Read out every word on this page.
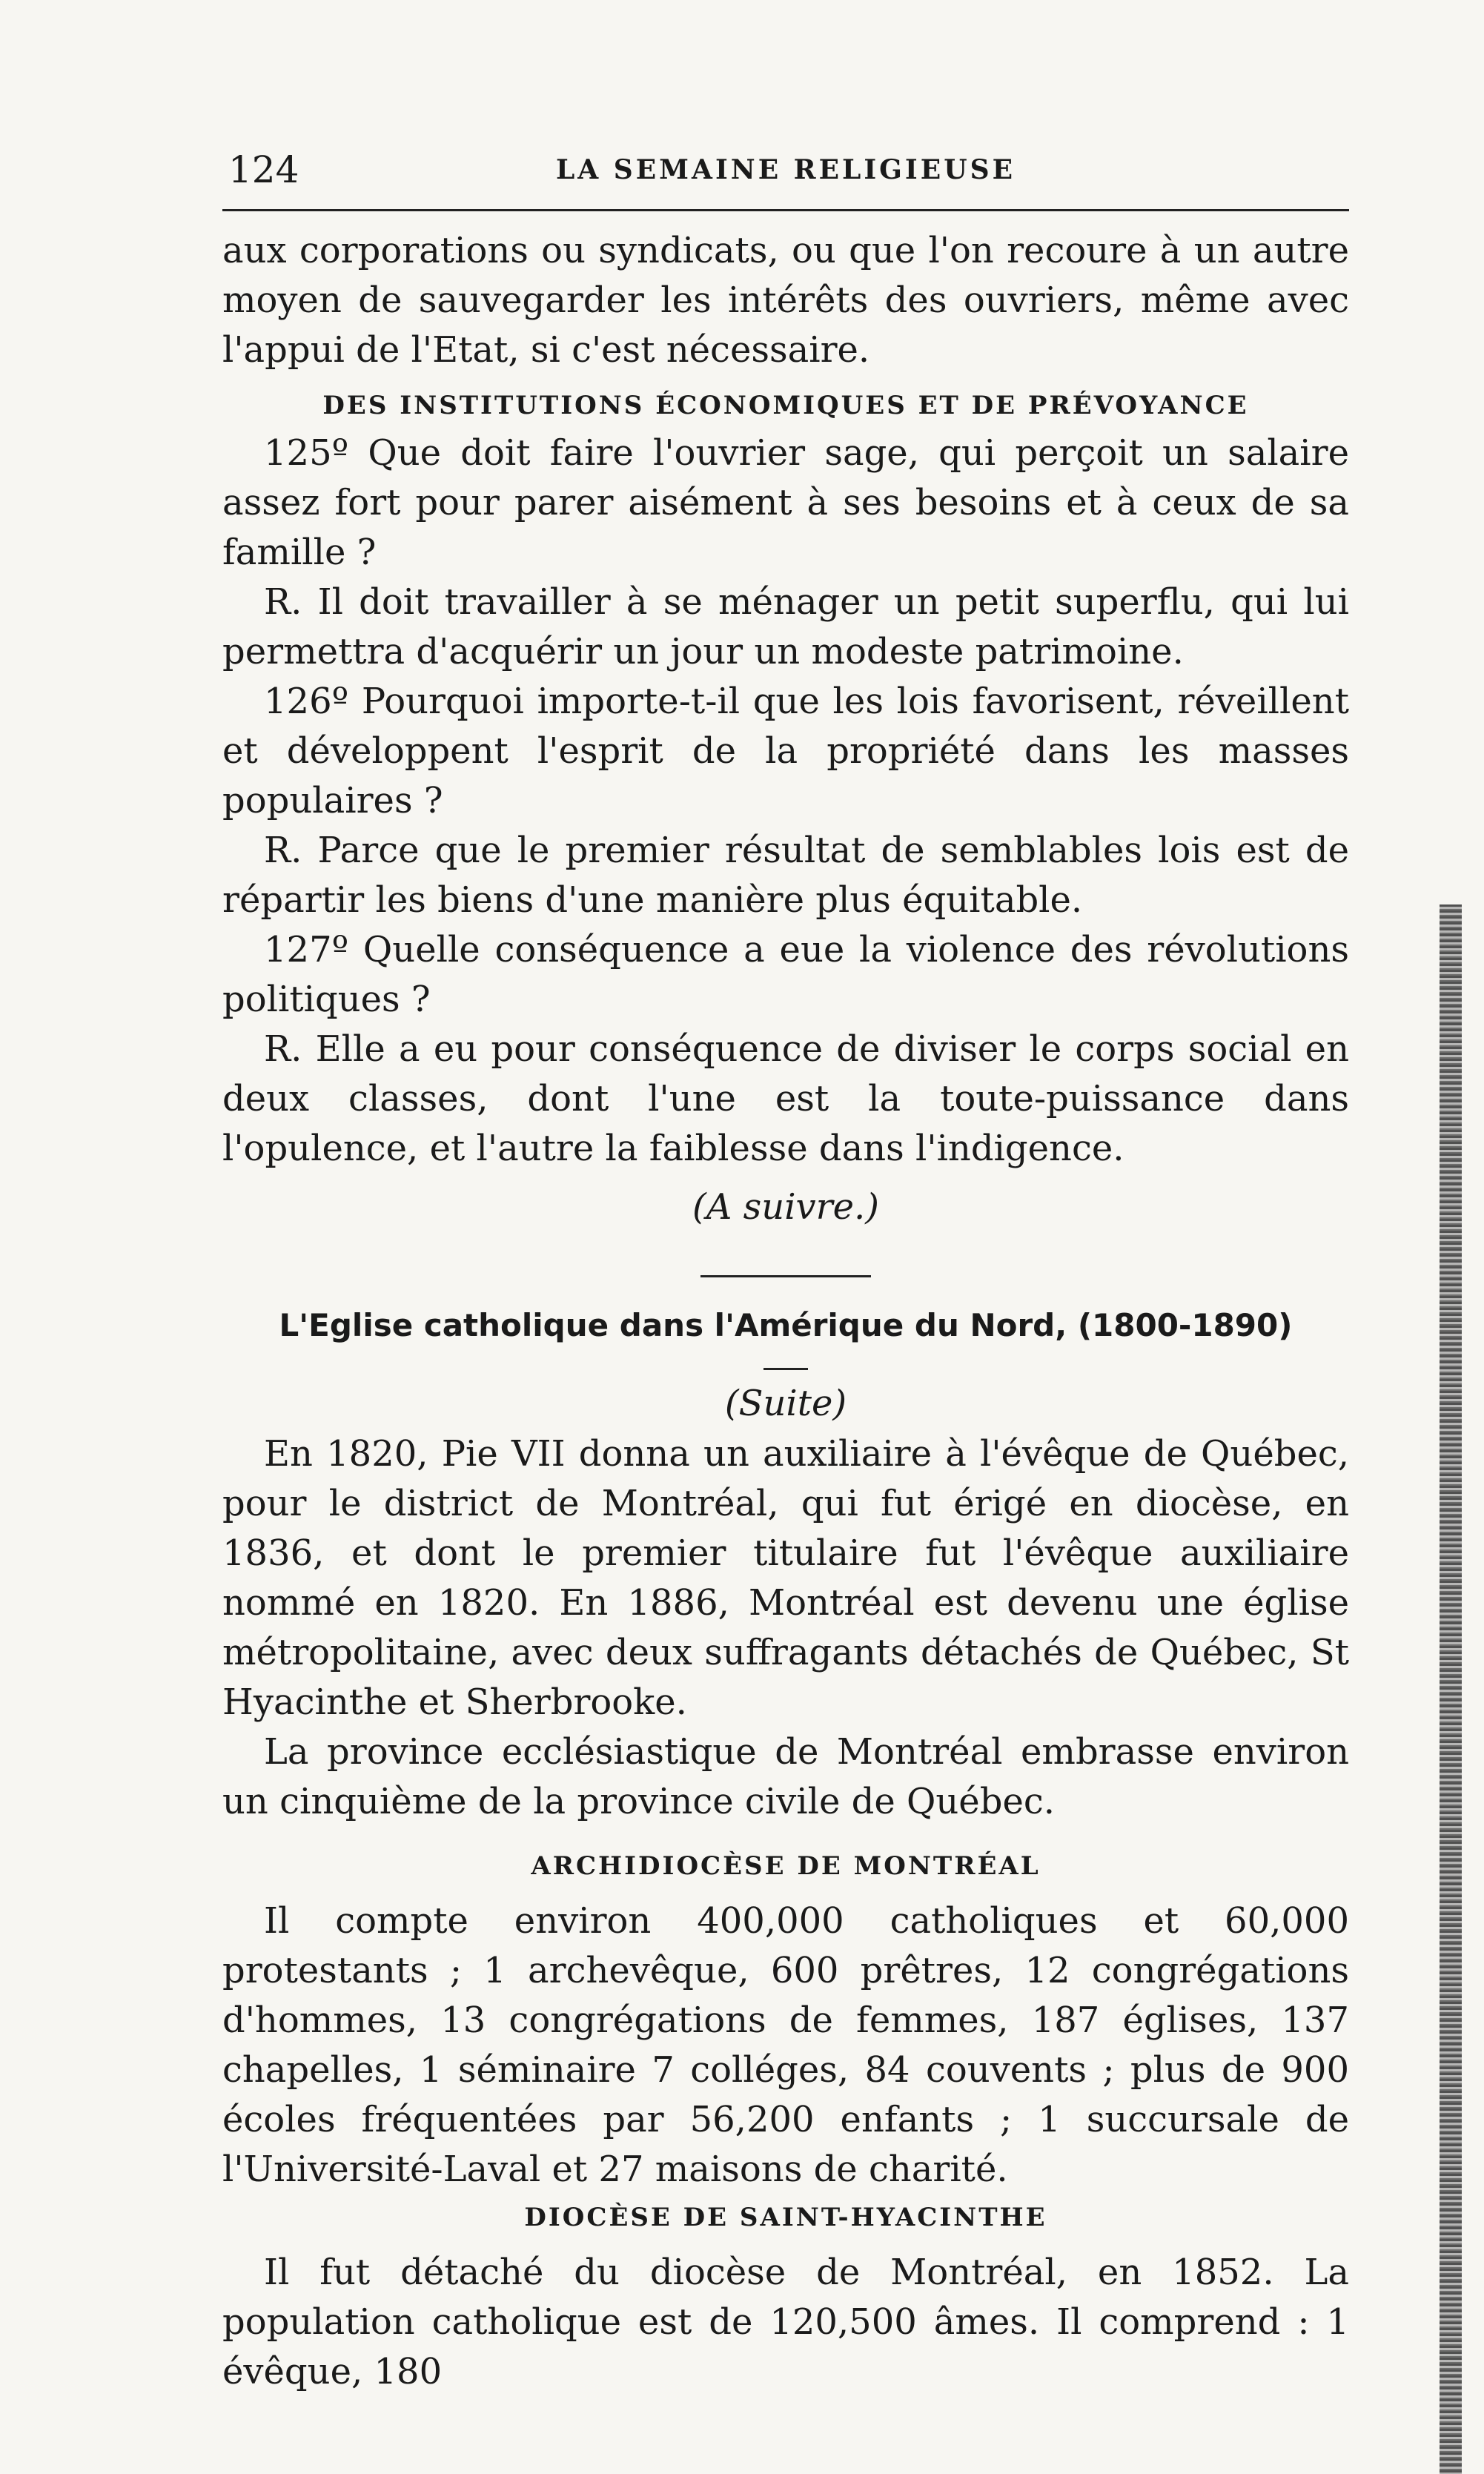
124	LA SEMAINE RELIGIEUSE

aux corporations ou syndicats, ou que l'on recoure à un autre moyen de sauvegarder les intérêts des ouvriers, même avec l'appui de l'Etat, si c'est nécessaire.

DES INSTITUTIONS ÉCONOMIQUES ET DE PRÉVOYANCE

125º Que doit faire l'ouvrier sage, qui perçoit un salaire assez fort pour parer aisément à ses besoins et à ceux de sa famille ?

R. Il doit travailler à se ménager un petit superflu, qui lui permettra d'acquérir un jour un modeste patrimoine.

126º Pourquoi importe-t-il que les lois favorisent, réveillent et développent l'esprit de la propriété dans les masses populaires ?

R. Parce que le premier résultat de semblables lois est de répartir les biens d'une manière plus équitable.

127º Quelle conséquence a eue la violence des révolutions politiques ?

R. Elle a eu pour conséquence de diviser le corps social en deux classes, dont l'une est la toute-puissance dans l'opulence, et l'autre la faiblesse dans l'indigence.

(A suivre.)

L'Eglise catholique dans l'Amérique du Nord, (1800-1890)
(Suite)

En 1820, Pie VII donna un auxiliaire à l'évêque de Québec, pour le district de Montréal, qui fut érigé en diocèse, en 1836, et dont le premier titulaire fut l'évêque auxiliaire nommé en 1820. En 1886, Montréal est devenu une église métropolitaine, avec deux suffragants détachés de Québec, St Hyacinthe et Sherbrooke.

La province ecclésiastique de Montréal embrasse environ un cinquième de la province civile de Québec.

ARCHIDIOCÈSE DE MONTRÉAL

Il compte environ 400,000 catholiques et 60,000 protestants ; 1 archevêque, 600 prêtres, 12 congrégations d'hommes, 13 congrégations de femmes, 187 églises, 137 chapelles, 1 séminaire 7 colléges, 84 couvents ; plus de 900 écoles fréquentées par 56,200 enfants ; 1 succursale de l'Université-Laval et 27 maisons de charité.

DIOCÈSE DE SAINT-HYACINTHE

Il fut détaché du diocèse de Montréal, en 1852. La population catholique est de 120,500 âmes. Il comprend : 1 évêque, 180
